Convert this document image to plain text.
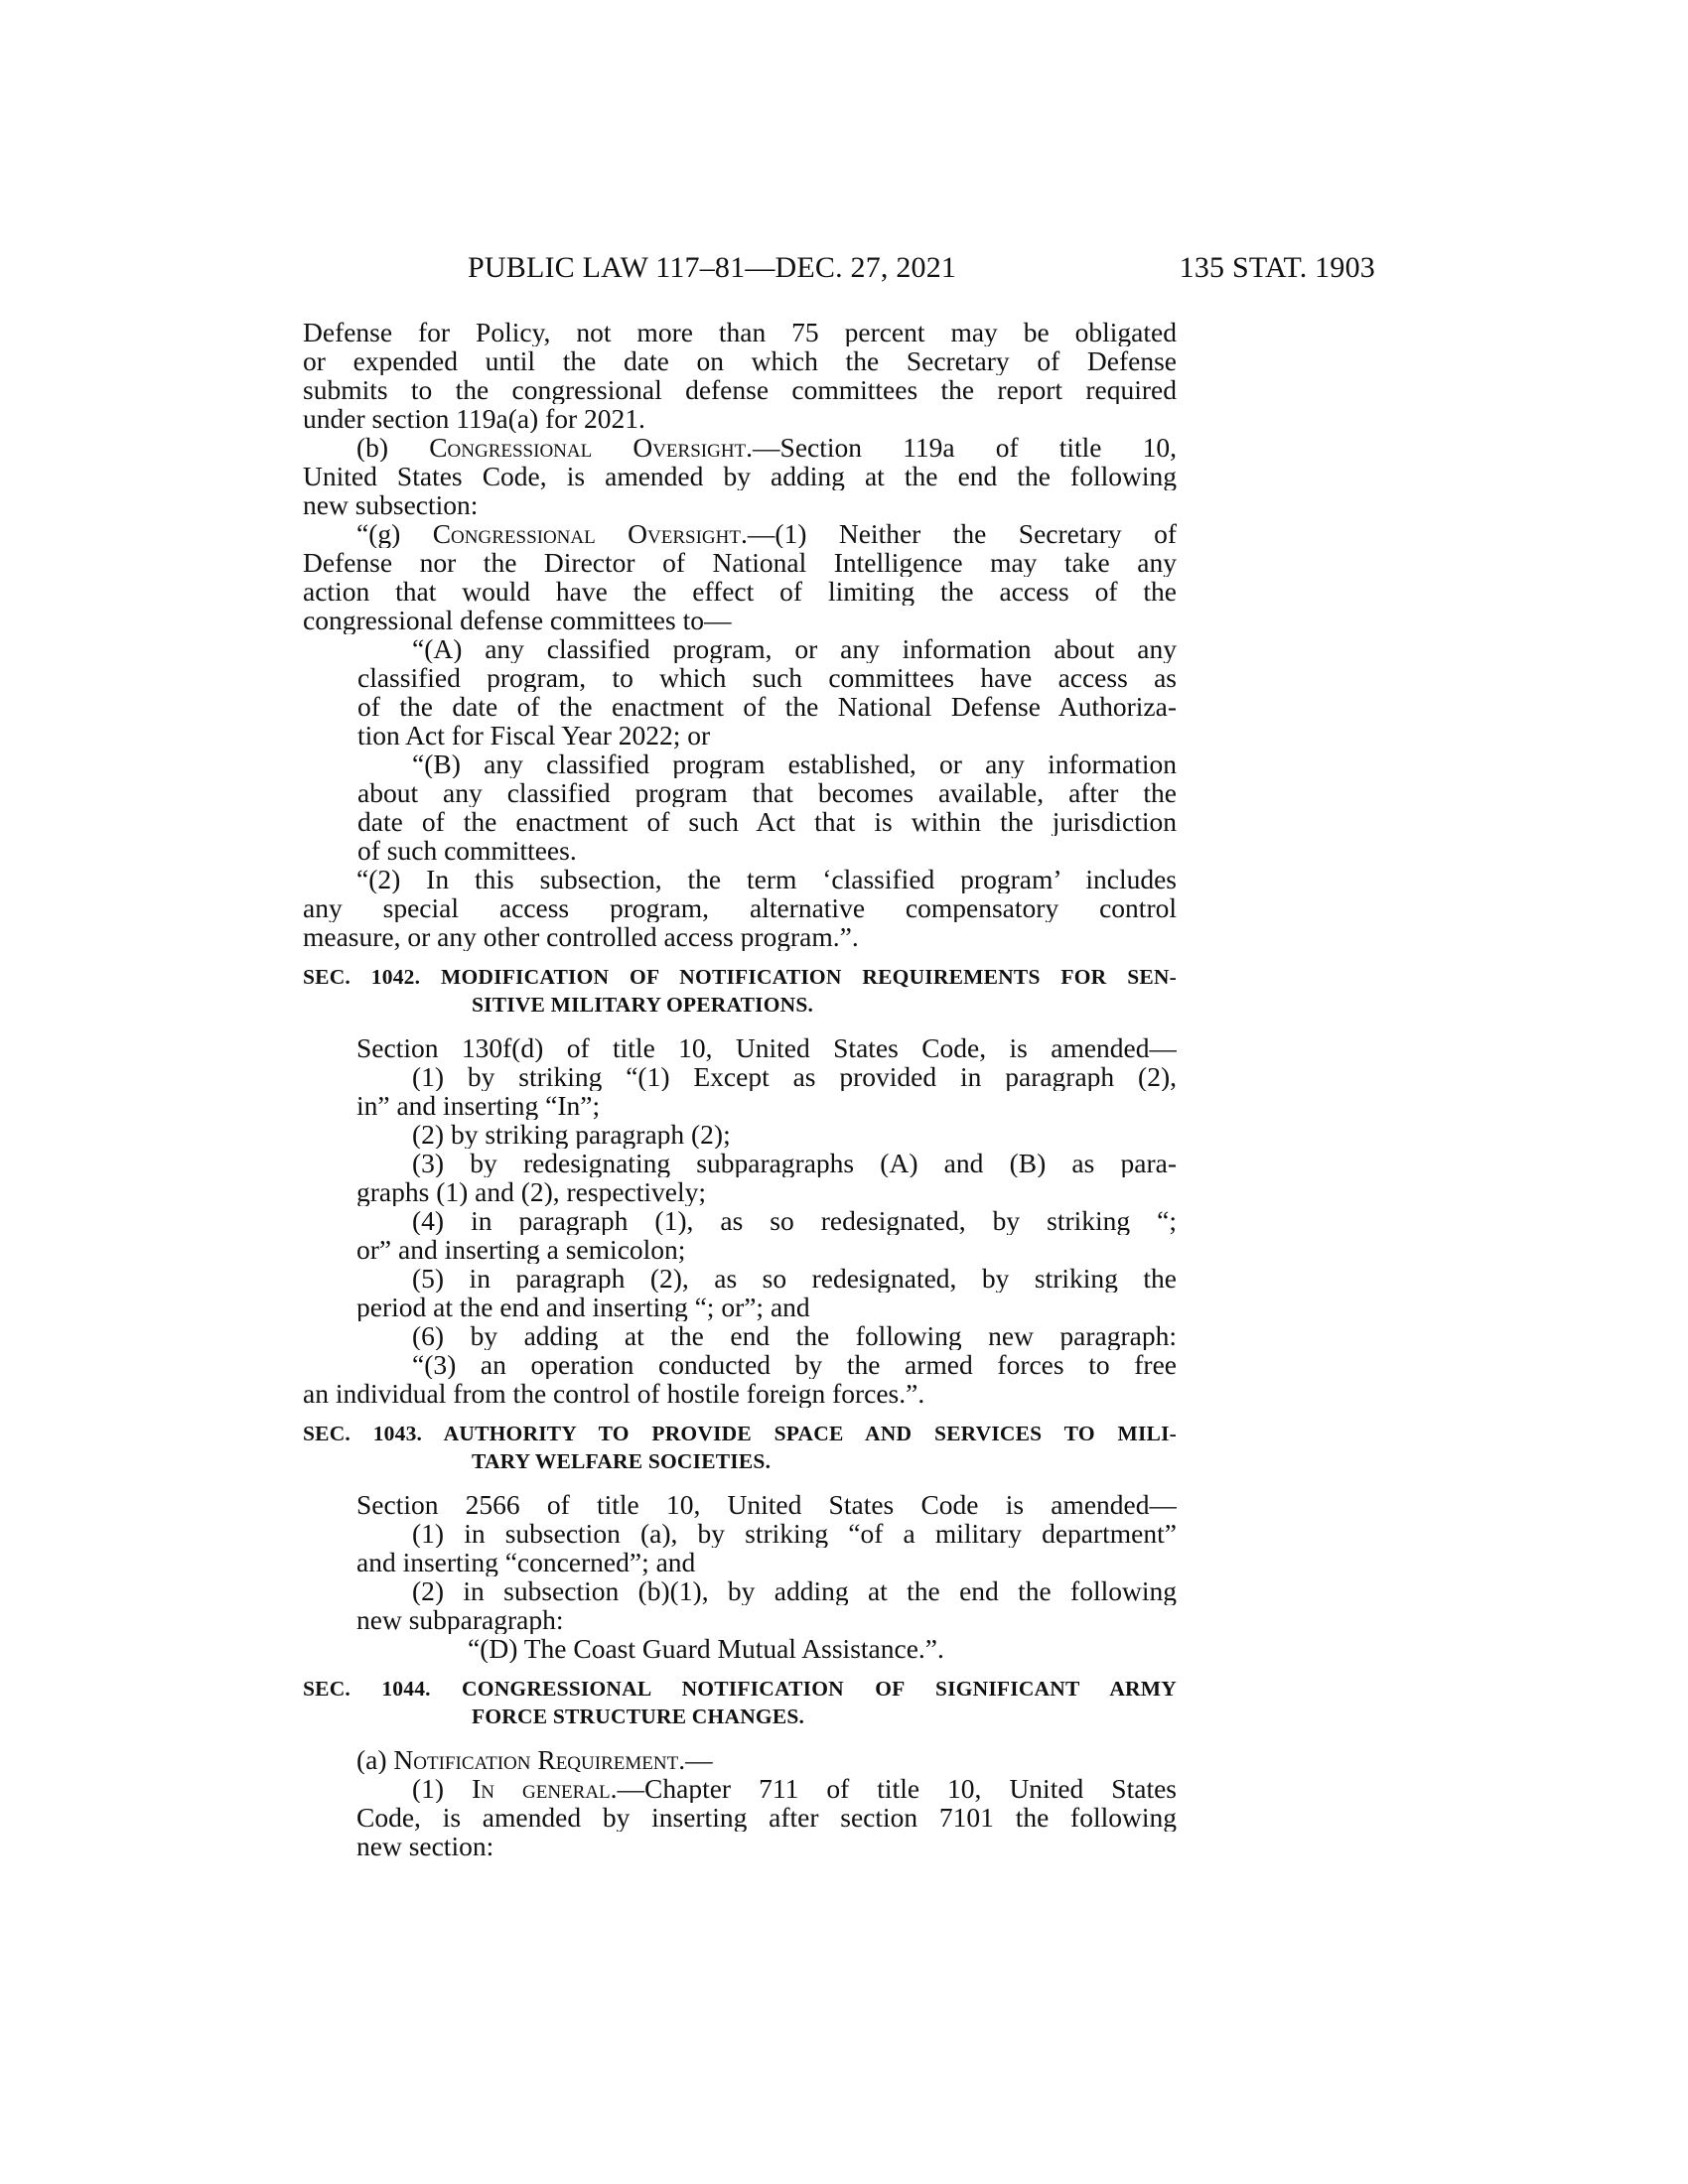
PUBLIC LAW 117–81—DEC. 27, 2021	135 STAT. 1903
Defense for Policy, not more than 75 percent may be obligated
or expended until the date on which the Secretary of Defense
submits to the congressional defense committees the report required
under section 119a(a) for 2021.
(b) Congressional Oversight.—Section 119a of title 10,
United States Code, is amended by adding at the end the following
new subsection:
“(g) Congressional Oversight.—(1) Neither the Secretary of
Defense nor the Director of National Intelligence may take any
action that would have the effect of limiting the access of the
congressional defense committees to—
“(A) any classified program, or any information about any
classified program, to which such committees have access as
of the date of the enactment of the National Defense Authoriza-
tion Act for Fiscal Year 2022; or
“(B) any classified program established, or any information
about any classified program that becomes available, after the
date of the enactment of such Act that is within the jurisdiction
of such committees.
“(2) In this subsection, the term ‘classified program’ includes
any special access program, alternative compensatory control
measure, or any other controlled access program.”.
SEC. 1042. MODIFICATION OF NOTIFICATION REQUIREMENTS FOR SEN-
SITIVE MILITARY OPERATIONS.
Section 130f(d) of title 10, United States Code, is amended—
(1) by striking “(1) Except as provided in paragraph (2),
in” and inserting “In”;
(2) by striking paragraph (2);
(3) by redesignating subparagraphs (A) and (B) as para-
graphs (1) and (2), respectively;
(4) in paragraph (1), as so redesignated, by striking “;
or” and inserting a semicolon;
(5) in paragraph (2), as so redesignated, by striking the
period at the end and inserting “; or”; and
(6) by adding at the end the following new paragraph:
“(3) an operation conducted by the armed forces to free
an individual from the control of hostile foreign forces.”.
SEC. 1043. AUTHORITY TO PROVIDE SPACE AND SERVICES TO MILI-
TARY WELFARE SOCIETIES.
Section 2566 of title 10, United States Code is amended—
(1) in subsection (a), by striking “of a military department”
and inserting “concerned”; and
(2) in subsection (b)(1), by adding at the end the following
new subparagraph:
“(D) The Coast Guard Mutual Assistance.”.
SEC. 1044. CONGRESSIONAL NOTIFICATION OF SIGNIFICANT ARMY
FORCE STRUCTURE CHANGES.
(a) Notification Requirement.—
(1) In general.—Chapter 711 of title 10, United States
Code, is amended by inserting after section 7101 the following
new section:
